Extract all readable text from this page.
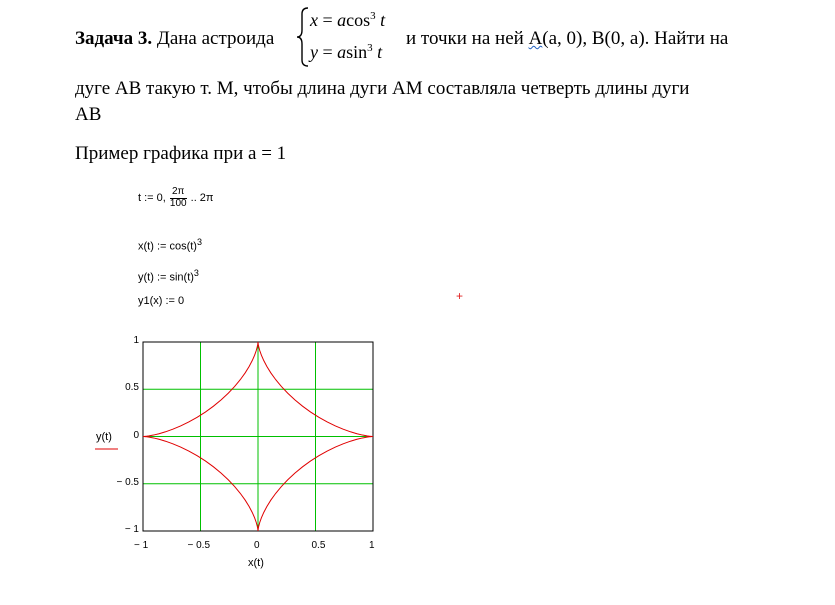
Задача 3. Дана астроида
x = acos$^3$ t
y = asin$^3$ t
и точки на ней А(a, 0), B(0, a). Найти на
дуге АВ такую т. М, чтобы длина дуги АМ составляла четверть длины дуги
АВ
Пример графика при a = 1
t := 0, $\frac{2\pi}{100}$ .. 2π
x(t) := $\cos(t)^3$
y(t) := $\sin(t)^3$
y1(x) := 0	+
1
0.5
0
− 0.5
− 1
− 1	− 0.5	0	0.5	1
y(t)
x(t)
